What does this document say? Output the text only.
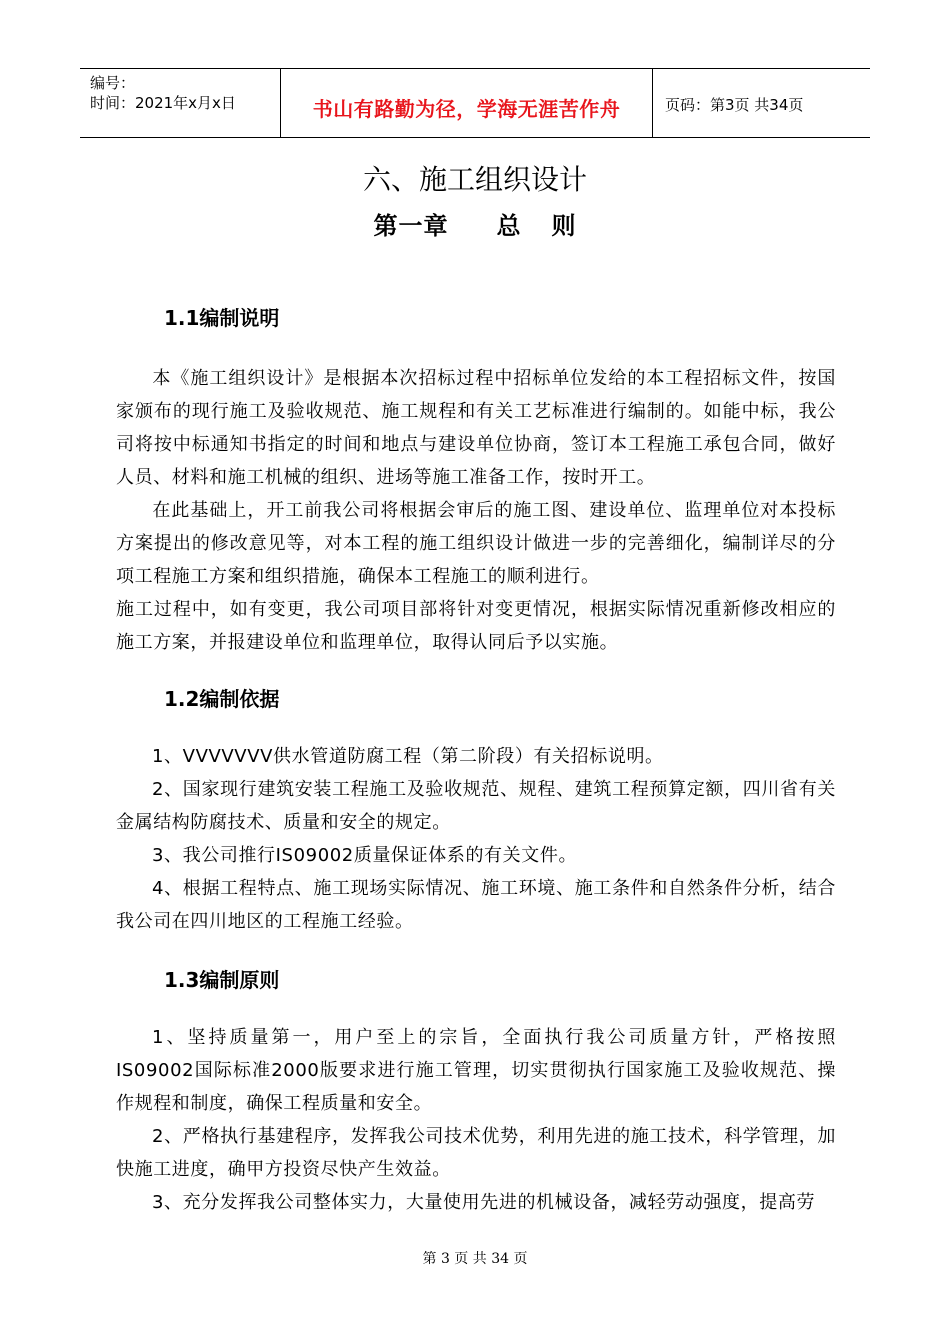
编号：
时间：2021年x月x日	书山有路勤为径，学海无涯苦作舟	页码：第3页 共34页
六、施工组织设计
第一章 总 则
1.1编制说明
本《施工组织设计》是根据本次招标过程中招标单位发给的本工程招标文件，按国家颁布的现行施工及验收规范、施工规程和有关工艺标准进行编制的。如能中标，我公司将按中标通知书指定的时间和地点与建设单位协商，签订本工程施工承包合同，做好人员、材料和施工机械的组织、进场等施工准备工作，按时开工。
在此基础上，开工前我公司将根据会审后的施工图、建设单位、监理单位对本投标方案提出的修改意见等，对本工程的施工组织设计做进一步的完善细化，编制详尽的分项工程施工方案和组织措施，确保本工程施工的顺利进行。
施工过程中，如有变更，我公司项目部将针对变更情况，根据实际情况重新修改相应的施工方案，并报建设单位和监理单位，取得认同后予以实施。
1.2编制依据
1、VVVVVVV供水管道防腐工程（第二阶段）有关招标说明。
2、国家现行建筑安装工程施工及验收规范、规程、建筑工程预算定额，四川省有关金属结构防腐技术、质量和安全的规定。
3、我公司推行IS09002质量保证体系的有关文件。
4、根据工程特点、施工现场实际情况、施工环境、施工条件和自然条件分析，结合我公司在四川地区的工程施工经验。
1.3编制原则
1、坚持质量第一，用户至上的宗旨，全面执行我公司质量方针，严格按照IS09002国际标准2000版要求进行施工管理，切实贯彻执行国家施工及验收规范、操作规程和制度，确保工程质量和安全。
2、严格执行基建程序，发挥我公司技术优势，利用先进的施工技术，科学管理，加快施工进度，确甲方投资尽快产生效益。
3、充分发挥我公司整体实力，大量使用先进的机械设备，减轻劳动强度，提高劳
第 3 页 共 34 页
